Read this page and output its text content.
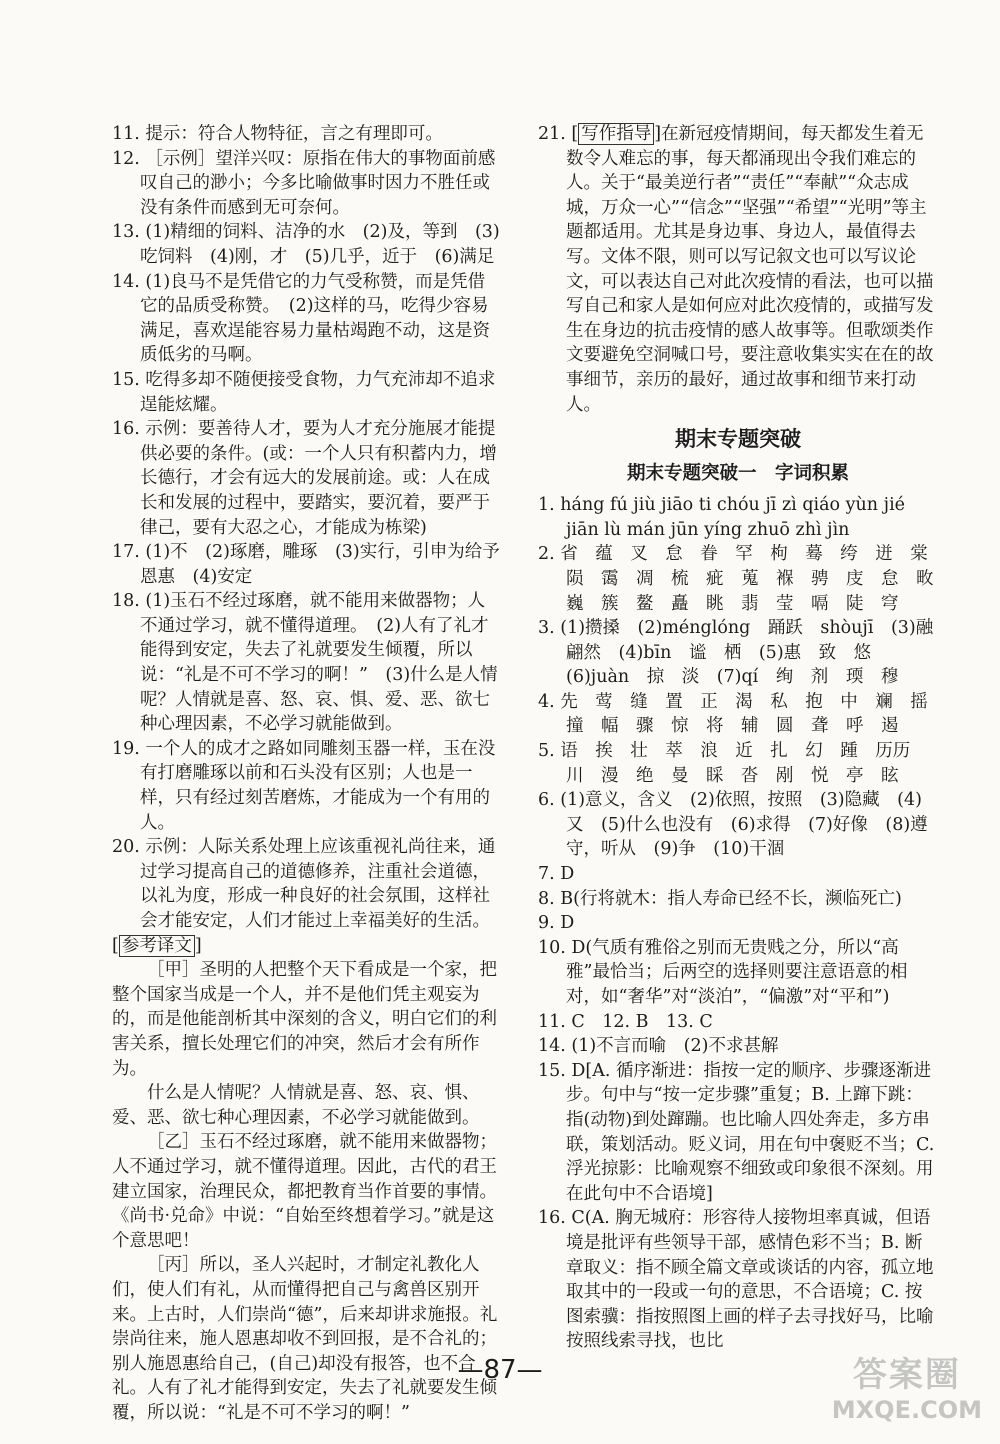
11. 提示：符合人物特征，言之有理即可。

12. ［示例］望洋兴叹：原指在伟大的事物面前感叹自己的渺小；今多比喻做事时因力不胜任或没有条件而感到无可奈何。

13. (1)精细的饲料、洁净的水　(2)及，等到　(3)吃饲料　(4)刚，才　(5)几乎，近于　(6)满足

14. (1)良马不是凭借它的力气受称赞，而是凭借它的品质受称赞。　(2)这样的马，吃得少容易满足，喜欢逞能容易力量枯竭跑不动，这是资质低劣的马啊。

15. 吃得多却不随便接受食物，力气充沛却不追求逞能炫耀。

16. 示例：要善待人才，要为人才充分施展才能提供必要的条件。(或：一个人只有积蓄内力，增长德行，才会有远大的发展前途。或：人在成长和发展的过程中，要踏实，要沉着，要严于律己，要有大忍之心，才能成为栋梁)

17. (1)不　(2)琢磨，雕琢　(3)实行，引申为给予恩惠　(4)安定

18. (1)玉石不经过琢磨，就不能用来做器物；人不通过学习，就不懂得道理。　(2)人有了礼才能得到安定，失去了礼就要发生倾覆，所以说：“礼是不可不学习的啊！”　(3)什么是人情呢？人情就是喜、怒、哀、惧、爱、恶、欲七种心理因素，不必学习就能做到。

19. 一个人的成才之路如同雕刻玉器一样，玉在没有打磨雕琢以前和石头没有区别；人也是一样，只有经过刻苦磨炼，才能成为一个有用的人。

20. 示例：人际关系处理上应该重视礼尚往来，通过学习提高自己的道德修养，注重社会道德，以礼为度，形成一种良好的社会氛围，这样社会才能安定，人们才能过上幸福美好的生活。

[ 参考译文 ]

［甲］圣明的人把整个天下看成是一个家，把整个国家当成是一个人，并不是他们凭主观妄为的，而是他能剖析其中深刻的含义，明白它们的利害关系，擅长处理它们的冲突，然后才会有所作为。

什么是人情呢？人情就是喜、怒、哀、惧、爱、恶、欲七种心理因素，不必学习就能做到。

［乙］玉石不经过琢磨，就不能用来做器物；人不通过学习，就不懂得道理。因此，古代的君王建立国家，治理民众，都把教育当作首要的事情。《尚书·兑命》中说：“自始至终想着学习。”就是这个意思吧！

［丙］所以，圣人兴起时，才制定礼教化人们，使人们有礼，从而懂得把自己与禽兽区别开来。上古时，人们崇尚“德”，后来却讲求施报。礼崇尚往来，施人恩惠却收不到回报，是不合礼的；别人施恩惠给自己，(自己)却没有报答，也不合礼。人有了礼才能得到安定，失去了礼就要发生倾覆，所以说：“礼是不可不学习的啊！”

21. [ 写作指导 ]在新冠疫情期间，每天都发生着无数令人难忘的事，每天都涌现出令我们难忘的人。关于“最美逆行者”“责任”“奉献”“众志成城，万众一心”“信念”“坚强”“希望”“光明”等主题都适用。尤其是身边事、身边人，最值得去写。文体不限，则可以写记叙文也可以写议论文，可以表达自己对此次疫情的看法，也可以描写自己和家人是如何应对此次疫情的，或描写发生在身边的抗击疫情的感人故事等。但歌颂类作文要避免空洞喊口号，要注意收集实实在在的故事细节，亲历的最好，通过故事和细节来打动人。

期末专题突破
期末专题突破一　字词积累

1. háng fú jiù jiāo ti chóu jī zì qiáo yùn jié jiān lù mán jūn yíng zhuō zhì jìn

2. 省　蕴　叉　怠　眷　罕　枸　蓦　绔　迸　棠　陨　霭　凋　梳　疵　蒐　褓　骋　庋　怠　畋　巍　簇　鳌　矗　眺　翡　莹　嗝　陡　穹

3. (1)攒搡　(2)ménglóng　踊跃　shòujī　(3)融　翩然　(4)bīn　谧　栖　(5)惠　致　悠　(6)juàn　掠　淡　(7)qí　绚　剂　瑌　穆

4. 先　莺　缝　置　正　渴　私　抱　中　斓　摇　撞　幅　骤　惊　将　辅　圆　聋　呼　遏

5. 语　挨　壮　萃　浪　近　扎　幻　踵　历历　川　漫　绝　曼　睬　沓　剐　悦　亭　眩

6. (1)意义，含义　(2)依照，按照　(3)隐藏　(4)又　(5)什么也没有　(6)求得　(7)好像　(8)遵守，听从　(9)争　(10)干涸

7. D

8. B(行将就木：指人寿命已经不长，濒临死亡)

9. D

10. D(气质有雅俗之别而无贵贱之分，所以“高雅”最恰当；后两空的选择则要注意语意的相对，如“奢华”对“淡泊”，“偏激”对“平和”)

11. C　12. B　13. C

14. (1)不言而喻　(2)不求甚解

15. D[A. 循序渐进：指按一定的顺序、步骤逐渐进步。句中与“按一定步骤”重复；B. 上蹿下跳：指(动物)到处蹿蹦。也比喻人四处奔走，多方串联，策划活动。贬义词，用在句中褒贬不当；C. 浮光掠影：比喻观察不细致或印象很不深刻。用在此句中不合语境]

16. C(A. 胸无城府：形容待人接物坦率真诚，但语境是批评有些领导干部，感情色彩不当；B. 断章取义：指不顾全篇文章或谈话的内容，孤立地取其中的一段或一句的意思，不合语境；C. 按图索骥：指按照图上画的样子去寻找好马，比喻按照线索寻找，也比

—87—	答案圈
MXQE.COM
